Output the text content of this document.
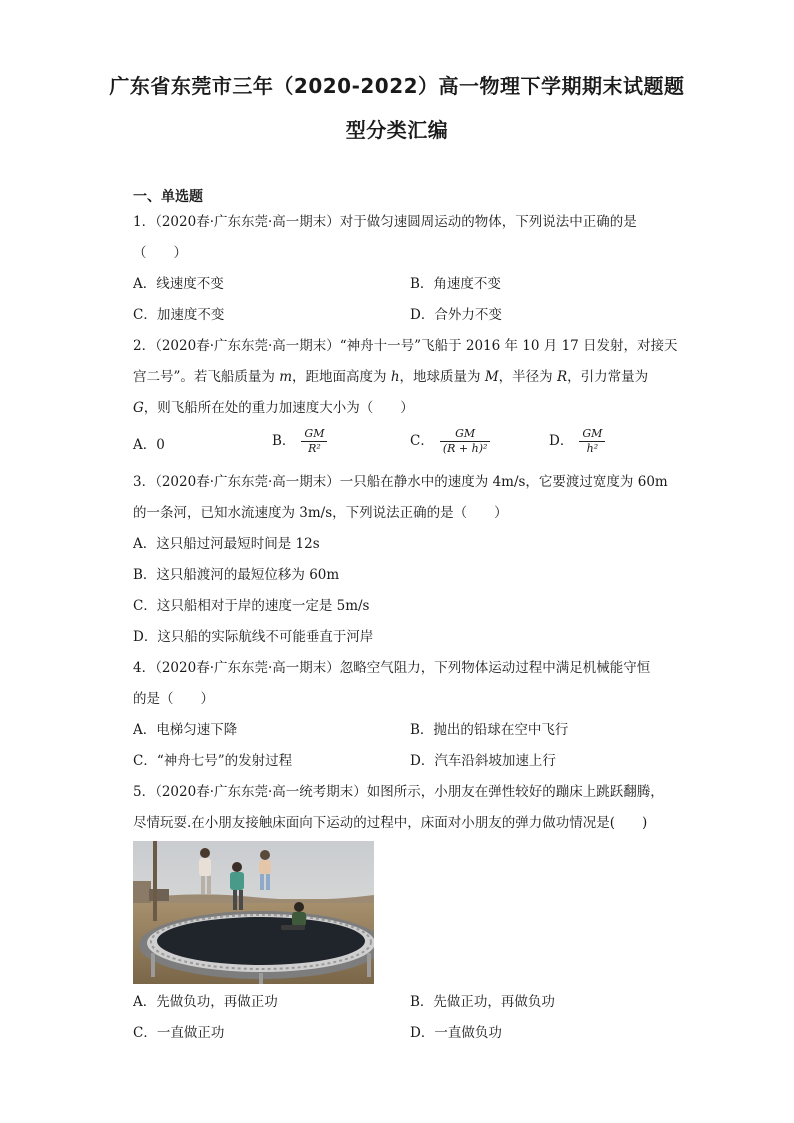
广东省东莞市三年（2020-2022）高一物理下学期期末试题题
型分类汇编
一、单选题
1．（2020春·广东东莞·高一期末）对于做匀速圆周运动的物体，下列说法中正确的是
（　　）
A．线速度不变	B．角速度不变
C．加速度不变	D．合外力不变
2．（2020春·广东东莞·高一期末）“神舟十一号”飞船于 2016 年 10 月 17 日发射，对接天
宫二号”。若飞船质量为 m，距地面高度为 h，地球质量为 M，半径为 R，引力常量为
G，则飞船所在处的重力加速度大小为（　　）
A．0	B． $\frac{GM}{\text{R²}}$	C． $\frac{GM}{\text{(R + h)²}}$	D． $\frac{GM}{\text{h²}}$
3．（2020春·广东东莞·高一期末）一只船在静水中的速度为 4m/s，它要渡过宽度为 60m
的一条河，已知水流速度为 3m/s，下列说法正确的是（　　）
A．这只船过河最短时间是 12s
B．这只船渡河的最短位移为 60m
C．这只船相对于岸的速度一定是 5m/s
D．这只船的实际航线不可能垂直于河岸
4．（2020春·广东东莞·高一期末）忽略空气阻力，下列物体运动过程中满足机械能守恒
的是（　　）
A．电梯匀速下降	B．抛出的铅球在空中飞行
C．“神舟七号”的发射过程	D．汽车沿斜坡加速上行
5．（2020春·广东东莞·高一统考期末）如图所示，小朋友在弹性较好的蹦床上跳跃翻腾，
尽情玩耍.在小朋友接触床面向下运动的过程中，床面对小朋友的弹力做功情况是(　　)
A．先做负功，再做正功	B．先做正功，再做负功
C．一直做正功	D．一直做负功
